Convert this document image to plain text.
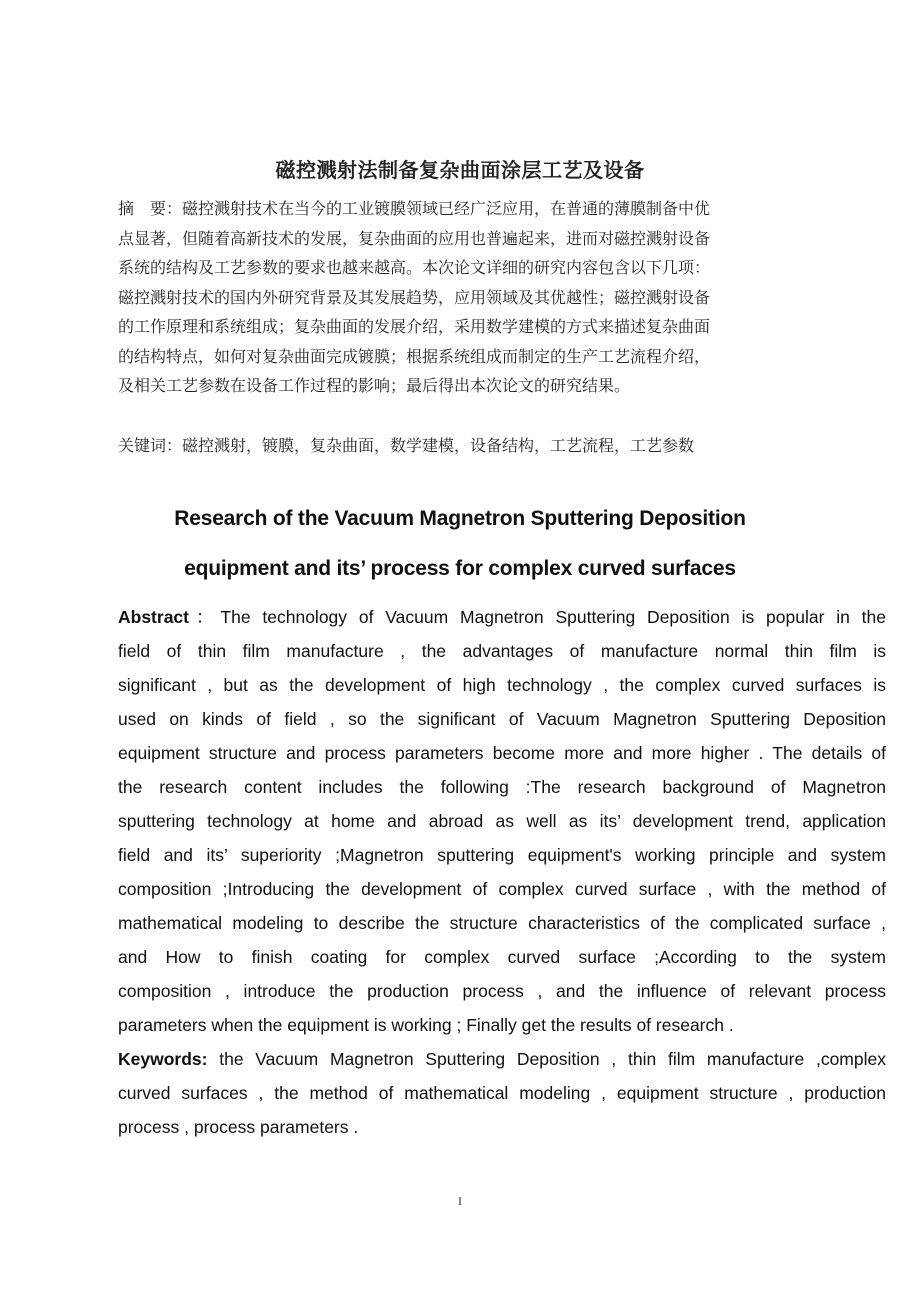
磁控溅射法制备复杂曲面涂层工艺及设备

摘　要：磁控溅射技术在当今的工业镀膜领域已经广泛应用，在普通的薄膜制备中优

点显著，但随着高新技术的发展，复杂曲面的应用也普遍起来，进而对磁控溅射设备

系统的结构及工艺参数的要求也越来越高。本次论文详细的研究内容包含以下几项：

磁控溅射技术的国内外研究背景及其发展趋势，应用领域及其优越性；磁控溅射设备

的工作原理和系统组成；复杂曲面的发展介绍，采用数学建模的方式来描述复杂曲面

的结构特点，如何对复杂曲面完成镀膜；根据系统组成而制定的生产工艺流程介绍，

及相关工艺参数在设备工作过程的影响；最后得出本次论文的研究结果。

关键词：磁控溅射，镀膜，复杂曲面，数学建模，设备结构，工艺流程，工艺参数

Research of the Vacuum Magnetron Sputtering Deposition
equipment and its’ process for complex curved surfaces
Abstract：The technology of Vacuum Magnetron Sputtering Deposition is popular in the
field of thin film manufacture , the advantages of manufacture normal thin film is
significant , but as the development of high technology , the complex curved surfaces is
used on kinds of field , so the significant of Vacuum Magnetron Sputtering Deposition
equipment structure and process parameters become more and more higher . The details of
the research content includes the following :The research background of Magnetron
sputtering technology at home and abroad as well as its’ development trend, application
field and its’ superiority ;Magnetron sputtering equipment's working principle and system
composition ;Introducing the development of complex curved surface , with the method of
mathematical modeling to describe the structure characteristics of the complicated surface ,
and How to finish coating for complex curved surface ;According to the system
composition , introduce the production process , and the influence of relevant process
parameters when the equipment is working ; Finally get the results of research .
Keywords: the Vacuum Magnetron Sputtering Deposition , thin film manufacture ,complex
curved surfaces , the method of mathematical modeling , equipment structure , production
process , process parameters .
I
